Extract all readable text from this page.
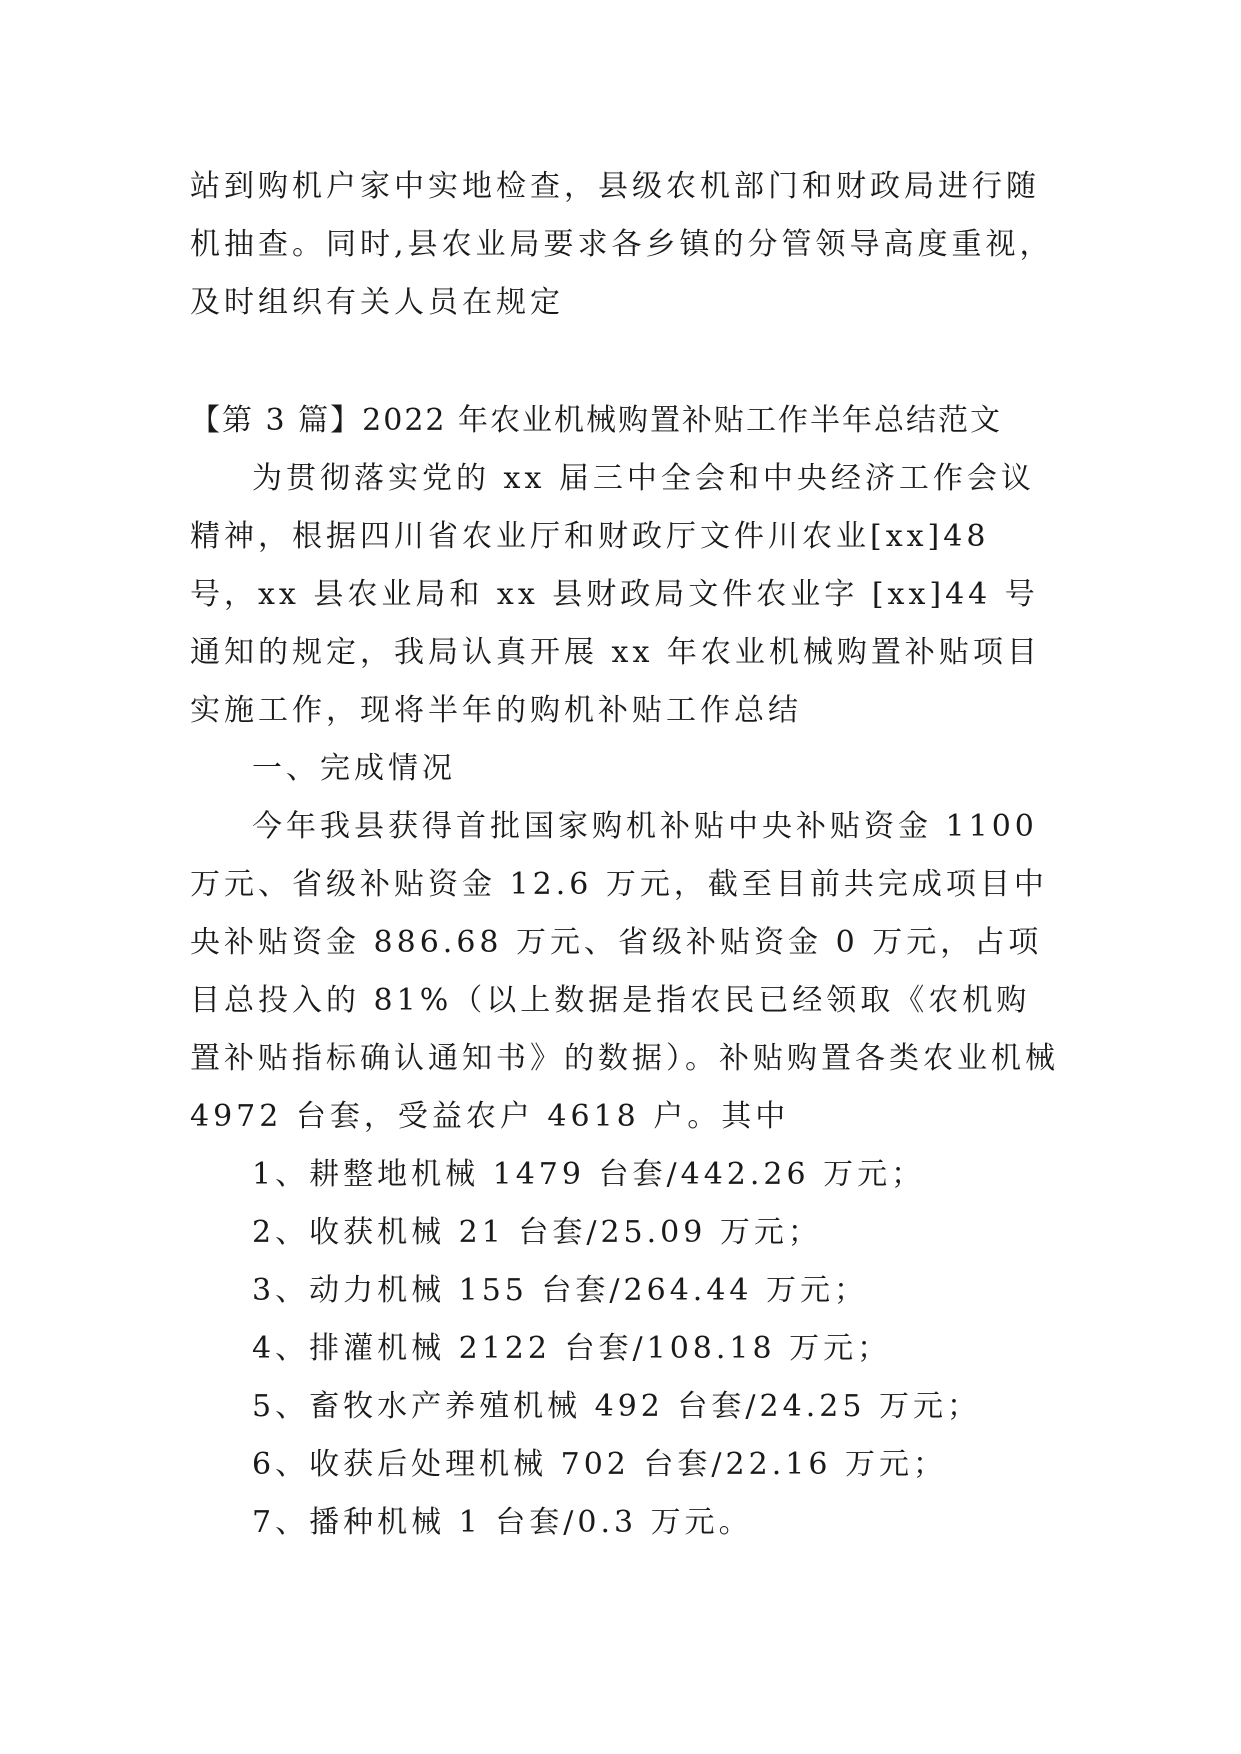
站到购机户家中实地检查，县级农机部门和财政局进行随机抽查。同时,县农业局要求各乡镇的分管领导高度重视，及时组织有关人员在规定

【第 3 篇】2022 年农业机械购置补贴工作半年总结范文

为贯彻落实党的 xx 届三中全会和中央经济工作会议精神，根据四川省农业厅和财政厅文件川农业[xx]48 号，xx 县农业局和 xx 县财政局文件农业字 [xx]44 号通知的规定，我局认真开展 xx 年农业机械购置补贴项目实施工作，现将半年的购机补贴工作总结

一、完成情况

今年我县获得首批国家购机补贴中央补贴资金 1100 万元、省级补贴资金 12.6 万元，截至目前共完成项目中央补贴资金 886.68 万元、省级补贴资金 0 万元，占项目总投入的 81%（以上数据是指农民已经领取《农机购置补贴指标确认通知书》的数据）。补贴购置各类农业机械 4972 台套，受益农户 4618 户。其中

1、耕整地机械 1479 台套/442.26 万元；
2、收获机械 21 台套/25.09 万元；
3、动力机械 155 台套/264.44 万元；
4、排灌机械 2122 台套/108.18 万元；
5、畜牧水产养殖机械 492 台套/24.25 万元；
6、收获后处理机械 702 台套/22.16 万元；
7、播种机械 1 台套/0.3 万元。
